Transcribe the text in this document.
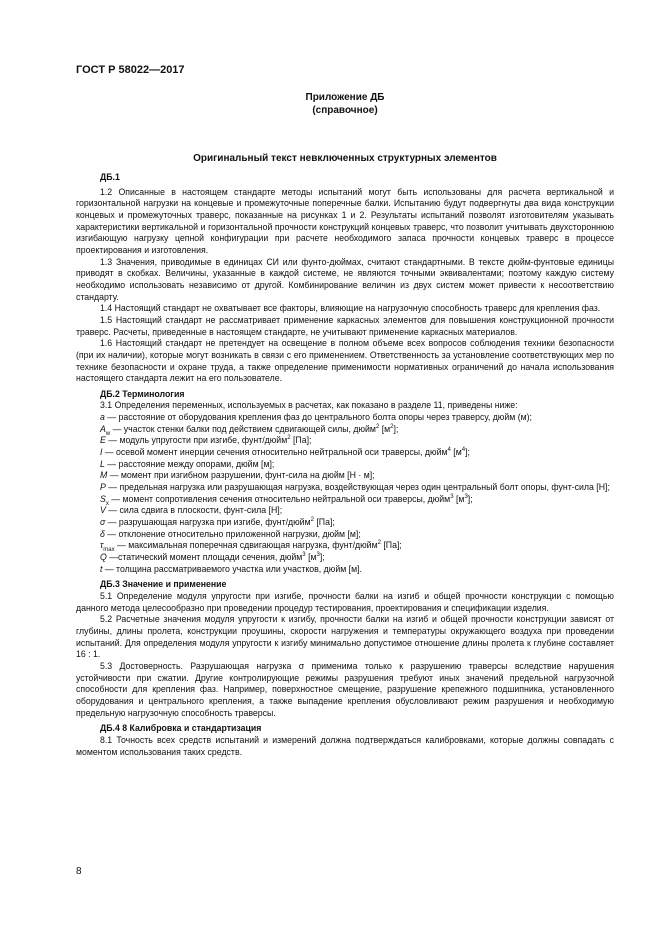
ГОСТ Р 58022—2017
Приложение ДБ
(справочное)
Оригинальный текст невключенных структурных элементов
ДБ.1

1.2 Описанные в настоящем стандарте методы испытаний могут быть использованы для расчета вертикальной и горизонтальной нагрузки на концевые и промежуточные поперечные балки. Испытанию будут подвергнуты два вида конструкции концевых и промежуточных траверс, показанные на рисунках 1 и 2. Результаты испытаний позволят изготовителям указывать характеристики вертикальной и горизонтальной прочности конструкций концевых траверс, что позволит учитывать двухстороннюю изгибающую нагрузку цепной конфигурации при расчете необходимого запаса прочности концевых траверс в процессе проектирования и изготовления.

1.3 Значения, приводимые в единицах СИ или фунто-дюймах, считают стандартными. В тексте дюйм-фунтовые единицы приводят в скобках. Величины, указанные в каждой системе, не являются точными эквивалентами; поэтому каждую систему необходимо использовать независимо от другой. Комбинирование величин из двух систем может привести к несоответствию стандарту.

1.4 Настоящий стандарт не охватывает все факторы, влияющие на нагрузочную способность траверс для крепления фаз.

1.5 Настоящий стандарт не рассматривает применение каркасных элементов для повышения конструкционной прочности траверс. Расчеты, приведенные в настоящем стандарте, не учитывают применение каркасных материалов.

1.6 Настоящий стандарт не претендует на освещение в полном объеме всех вопросов соблюдения техники безопасности (при их наличии), которые могут возникать в связи с его применением. Ответственность за установление соответствующих мер по технике безопасности и охране труда, а также определение применимости нормативных ограничений до начала использования настоящего стандарта лежит на его пользователе.

ДБ.2 Терминология

3.1 Определения переменных, используемых в расчетах, как показано в разделе 11, приведены ниже:

a — расстояние от оборудования крепления фаз до центрального болта опоры через траверсу, дюйм (м);

$A_w$ — участок стенки балки под действием сдвигающей силы, дюйм$^2$ $[м^2]$;

E — модуль упругости при изгибе, фунт/дюйм$^2$ [Па];

I — осевой момент инерции сечения относительно нейтральной оси траверсы, дюйм$^4$ $[м^4]$;

L — расстояние между опорами, дюйм [м];

M — момент при изгибном разрушении, фунт-сила на дюйм [Н · м];

P — предельная нагрузка или разрушающая нагрузка, воздействующая через один центральный болт опоры, фунт-сила [Н];

$S_x$ — момент сопротивления сечения относительно нейтральной оси траверсы, дюйм$^3$ $[м^3]$;

V — сила сдвига в плоскости, фунт-сила [Н];

σ — разрушающая нагрузка при изгибе, фунт/дюйм$^2$ [Па];

δ — отклонение относительно приложенной нагрузки, дюйм [м];

$\tau_{max}$ — максимальная поперечная сдвигающая нагрузка, фунт/дюйм$^2$ [Па];

Q —статический момент площади сечения, дюйм$^3$ $[м^3]$;

t — толщина рассматриваемого участка или участков, дюйм [м].

ДБ.3 Значение и применение

5.1 Определение модуля упругости при изгибе, прочности балки на изгиб и общей прочности конструкции с помощью данного метода целесообразно при проведении процедур тестирования, проектирования и спецификации изделия.

5.2 Расчетные значения модуля упругости к изгибу, прочности балки на изгиб и общей прочности конструкции зависят от глубины, длины пролета, конструкции проушины, скорости нагружения и температуры окружающего воздуха при проведении испытаний. Для определения модуля упругости к изгибу минимально допустимое отношение длины пролета к глубине составляет 16 : 1.

5.3 Достоверность. Разрушающая нагрузка σ применима только к разрушению траверсы вследствие нарушения устойчивости при сжатии. Другие контролирующие режимы разрушения требуют иных значений предельной нагрузочной способности для крепления фаз. Например, поверхностное смещение, разрушение крепежного подшипника, установленного оборудования и центрального крепления, а также выпадение крепления обусловливают режим разрушения и необходимую предельную нагрузочную способность траверсы.

ДБ.4 8 Калибровка и стандартизация

8.1 Точность всех средств испытаний и измерений должна подтверждаться калибровками, которые должны совпадать с моментом использования таких средств.

8
